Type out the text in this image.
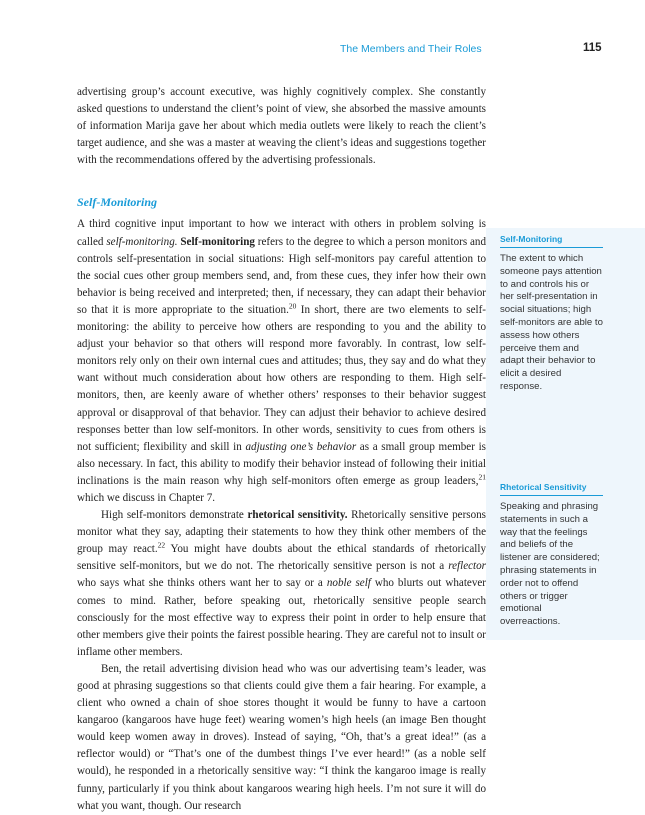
The Members and Their Roles	115
Self-Monitoring
The extent to which someone pays attention to and controls his or her self-presentation in social situations; high self-monitors are able to assess how others perceive them and adapt their behavior to elicit a desired response.
Rhetorical Sensitivity
Speaking and phrasing statements in such a way that the feelings and beliefs of the listener are considered; phrasing statements in order not to offend others or trigger emotional overreactions.

advertising group’s account executive, was highly cognitively complex. She constantly asked questions to understand the client’s point of view, she absorbed the massive amounts of information Marija gave her about which media outlets were likely to reach the client’s target audience, and she was a master at weaving the client’s ideas and suggestions together with the recommendations offered by the advertising professionals.

Self-Monitoring

A third cognitive input important to how we interact with others in problem solving is called self-monitoring. Self-monitoring refers to the degree to which a person monitors and controls self-presentation in social situations: High self-monitors pay careful attention to the social cues other group members send, and, from these cues, they infer how their own behavior is being received and interpreted; then, if necessary, they can adapt their behavior so that it is more appropriate to the situation.$^{20}$ In short, there are two elements to self-monitoring: the ability to perceive how others are responding to you and the ability to adjust your behavior so that others will respond more favorably. In contrast, low self-monitors rely only on their own internal cues and attitudes; thus, they say and do what they want without much consideration about how others are responding to them. High self-monitors, then, are keenly aware of whether others’ responses to their behavior suggest approval or disapproval of that behavior. They can adjust their behavior to achieve desired responses better than low self-monitors. In other words, sensitivity to cues from others is not sufficient; flexibility and skill in adjusting one’s behavior as a small group member is also necessary. In fact, this ability to modify their behavior instead of following their initial inclinations is the main reason why high self-monitors often emerge as group leaders,$^{21}$ which we discuss in Chapter 7.

High self-monitors demonstrate rhetorical sensitivity. Rhetorically sensitive persons monitor what they say, adapting their statements to how they think other members of the group may react.$^{22}$ You might have doubts about the ethical standards of rhetorically sensitive self-monitors, but we do not. The rhetorically sensitive person is not a reflector who says what she thinks others want her to say or a noble self who blurts out whatever comes to mind. Rather, before speaking out, rhetorically sensitive people search consciously for the most effective way to express their point in order to help ensure that other members give their points the fairest possible hearing. They are careful not to insult or inflame other members.

Ben, the retail advertising division head who was our advertising team’s leader, was good at phrasing suggestions so that clients could give them a fair hearing. For example, a client who owned a chain of shoe stores thought it would be funny to have a cartoon kangaroo (kangaroos have huge feet) wearing women’s high heels (an image Ben thought would keep women away in droves). Instead of saying, “Oh, that’s a great idea!” (as a reflector would) or “That’s one of the dumbest things I’ve ever heard!” (as a noble self would), he responded in a rhetorically sensitive way: “I think the kangaroo image is really funny, particularly if you think about kangaroos wearing high heels. I’m not sure it will do what you want, though. Our research
